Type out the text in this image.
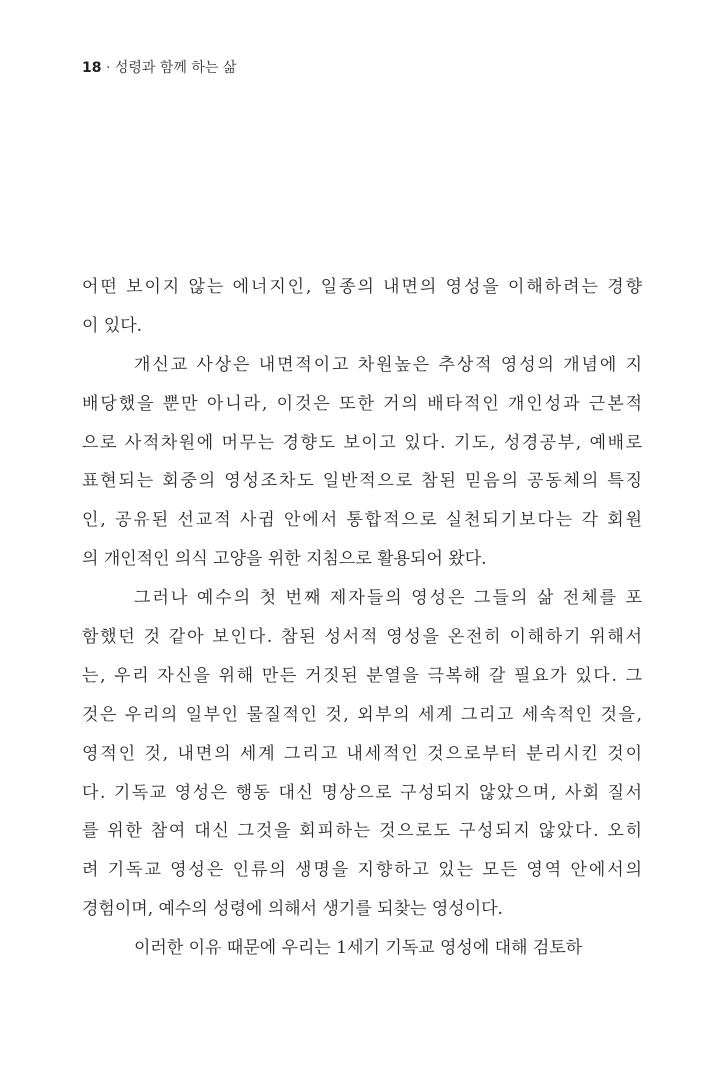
18 · 성령과 함께 하는 삶
어떤 보이지 않는 에너지인, 일종의 내면의 영성을 이해하려는 경향
이 있다.
개신교 사상은 내면적이고 차원높은 추상적 영성의 개념에 지
배당했을 뿐만 아니라, 이것은 또한 거의 배타적인 개인성과 근본적
으로 사적차원에 머무는 경향도 보이고 있다. 기도, 성경공부, 예배로
표현되는 회중의 영성조차도 일반적으로 참된 믿음의 공동체의 특징
인, 공유된 선교적 사귐 안에서 통합적으로 실천되기보다는 각 회원
의 개인적인 의식 고양을 위한 지침으로 활용되어 왔다.
그러나 예수의 첫 번째 제자들의 영성은 그들의 삶 전체를 포
함했던 것 같아 보인다. 참된 성서적 영성을 온전히 이해하기 위해서
는, 우리 자신을 위해 만든 거짓된 분열을 극복해 갈 필요가 있다. 그
것은 우리의 일부인 물질적인 것, 외부의 세계 그리고 세속적인 것을,
영적인 것, 내면의 세계 그리고 내세적인 것으로부터 분리시킨 것이
다. 기독교 영성은 행동 대신 명상으로 구성되지 않았으며, 사회 질서
를 위한 참여 대신 그것을 회피하는 것으로도 구성되지 않았다. 오히
려 기독교 영성은 인류의 생명을 지향하고 있는 모든 영역 안에서의
경험이며, 예수의 성령에 의해서 생기를 되찾는 영성이다.
이러한 이유 때문에 우리는 1세기 기독교 영성에 대해 검토하
